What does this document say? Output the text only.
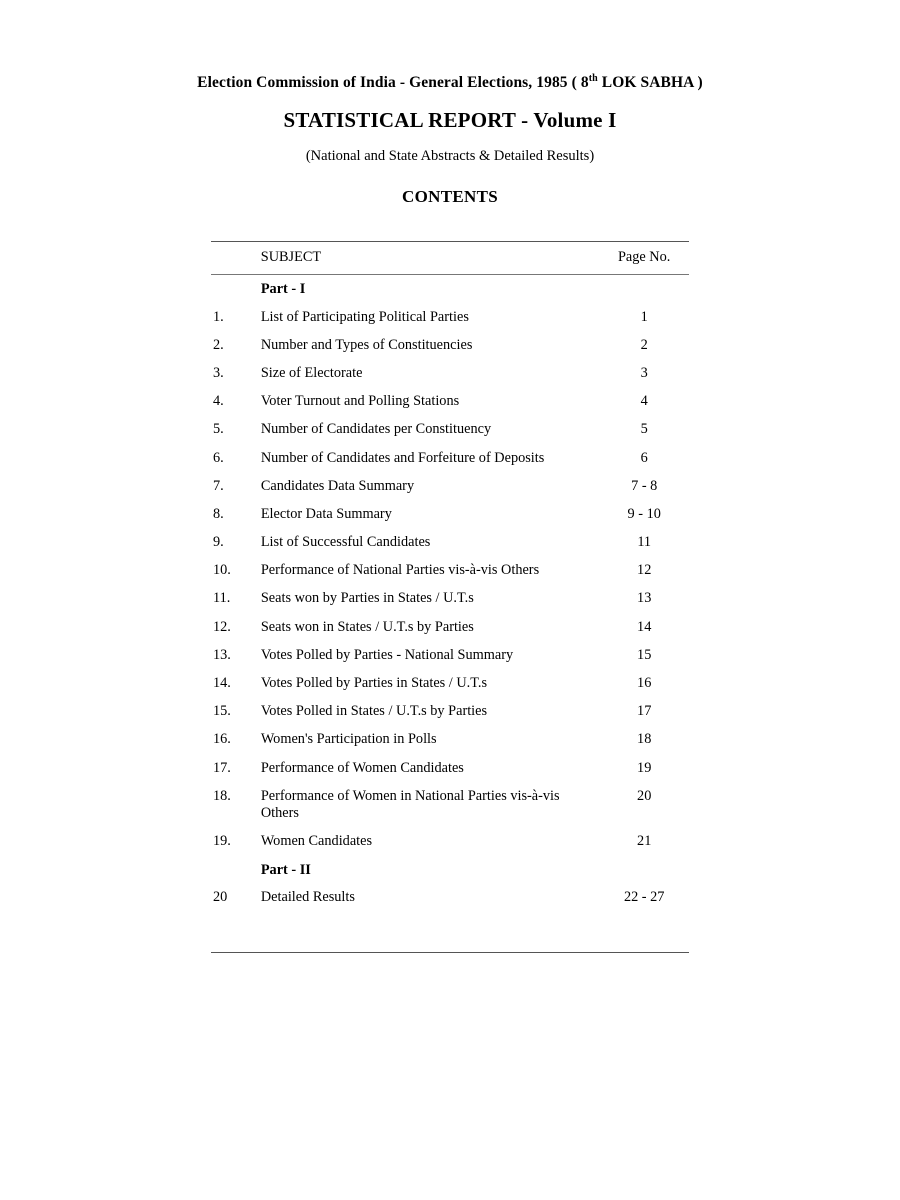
Election Commission of India - General Elections, 1985 ( 8th LOK SABHA )
STATISTICAL REPORT - Volume I
(National and State Abstracts & Detailed Results)
CONTENTS
	SUBJECT	Page No.
	Part - I	
1.	List of Participating Political Parties	1
2.	Number and Types of Constituencies	2
3.	Size of Electorate	3
4.	Voter Turnout and Polling Stations	4
5.	Number of Candidates per Constituency	5
6.	Number of Candidates and Forfeiture of Deposits	6
7.	Candidates Data Summary	7 - 8
8.	Elector Data Summary	9 - 10
9.	List of Successful Candidates	11
10.	Performance of National Parties vis-à-vis Others	12
11.	Seats won by Parties in States / U.T.s	13
12.	Seats won in States / U.T.s by Parties	14
13.	Votes Polled by Parties - National Summary	15
14.	Votes Polled by Parties in States / U.T.s	16
15.	Votes Polled in States / U.T.s by Parties	17
16.	Women's Participation in Polls	18
17.	Performance of Women Candidates	19
18.	Performance of Women in National Parties vis-à-vis Others	20
19.	Women Candidates	21
	Part - II	
20	Detailed Results	22 - 27
